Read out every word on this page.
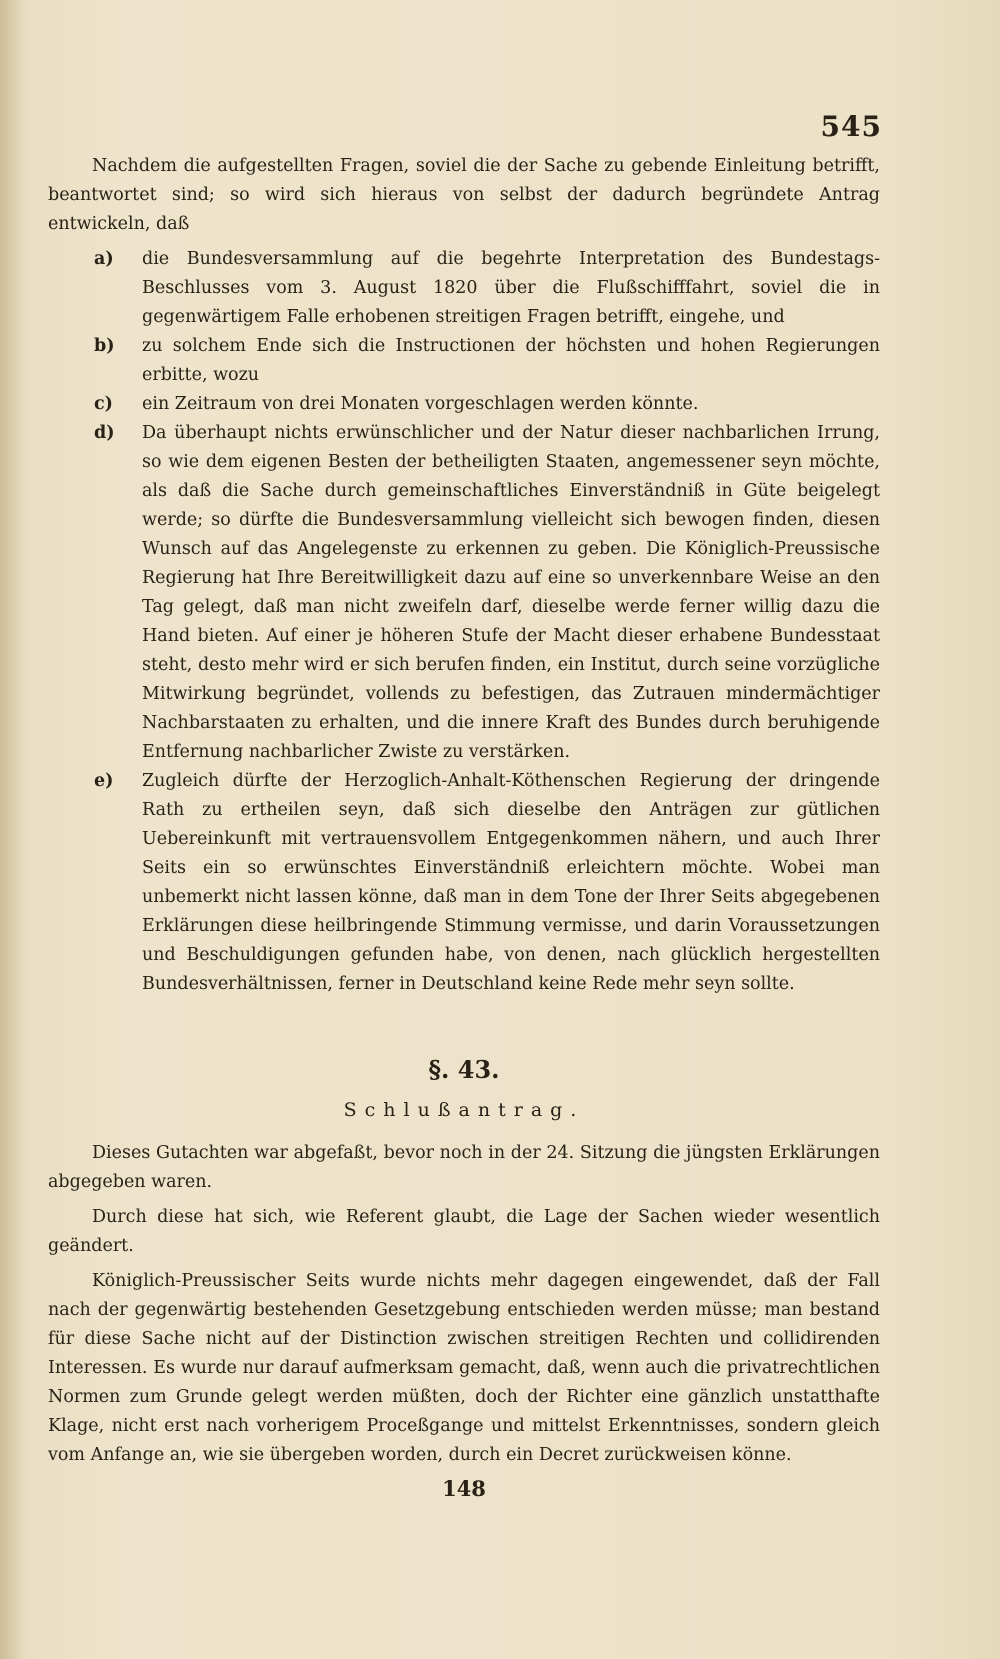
545

Nachdem die aufgestellten Fragen, soviel die der Sache zu gebende Einleitung betrifft, beantwortet sind; so wird sich hieraus von selbst der dadurch begründete Antrag entwickeln, daß

a)	die Bundesversammlung auf die begehrte Interpretation des Bundestags-Beschlusses vom 3. August 1820 über die Flußschifffahrt, soviel die in gegenwärtigem Falle erhobenen streitigen Fragen betrifft, eingehe, und
b)	zu solchem Ende sich die Instructionen der höchsten und hohen Regierungen erbitte, wozu
c)	ein Zeitraum von drei Monaten vorgeschlagen werden könnte.
d)	Da überhaupt nichts erwünschlicher und der Natur dieser nachbarlichen Irrung, so wie dem eigenen Besten der betheiligten Staaten, angemessener seyn möchte, als daß die Sache durch gemeinschaftliches Einverständniß in Güte beigelegt werde; so dürfte die Bundesversammlung vielleicht sich bewogen finden, diesen Wunsch auf das Angelegenste zu erkennen zu geben. Die Königlich-Preussische Regierung hat Ihre Bereitwilligkeit dazu auf eine so unverkennbare Weise an den Tag gelegt, daß man nicht zweifeln darf, dieselbe werde ferner willig dazu die Hand bieten. Auf einer je höheren Stufe der Macht dieser erhabene Bundesstaat steht, desto mehr wird er sich berufen finden, ein Institut, durch seine vorzügliche Mitwirkung begründet, vollends zu befestigen, das Zutrauen mindermächtiger Nachbarstaaten zu erhalten, und die innere Kraft des Bundes durch beruhigende Entfernung nachbarlicher Zwiste zu verstärken.
e)	Zugleich dürfte der Herzoglich-Anhalt-Köthenschen Regierung der dringende Rath zu ertheilen seyn, daß sich dieselbe den Anträgen zur gütlichen Uebereinkunft mit vertrauensvollem Entgegenkommen nähern, und auch Ihrer Seits ein so erwünschtes Einverständniß erleichtern möchte. Wobei man unbemerkt nicht lassen könne, daß man in dem Tone der Ihrer Seits abgegebenen Erklärungen diese heilbringende Stimmung vermisse, und darin Voraussetzungen und Beschuldigungen gefunden habe, von denen, nach glücklich hergestellten Bundesverhältnissen, ferner in Deutschland keine Rede mehr seyn sollte.
§. 43.
Schlußantrag.

Dieses Gutachten war abgefaßt, bevor noch in der 24. Sitzung die jüngsten Erklärungen abgegeben waren.

Durch diese hat sich, wie Referent glaubt, die Lage der Sachen wieder wesentlich geändert.

Königlich-Preussischer Seits wurde nichts mehr dagegen eingewendet, daß der Fall nach der gegenwärtig bestehenden Gesetzgebung entschieden werden müsse; man bestand für diese Sache nicht auf der Distinction zwischen streitigen Rechten und collidirenden Interessen. Es wurde nur darauf aufmerksam gemacht, daß, wenn auch die privatrechtlichen Normen zum Grunde gelegt werden müßten, doch der Richter eine gänzlich unstatthafte Klage, nicht erst nach vorherigem Proceßgange und mittelst Erkenntnisses, sondern gleich vom Anfange an, wie sie übergeben worden, durch ein Decret zurückweisen könne.

148
